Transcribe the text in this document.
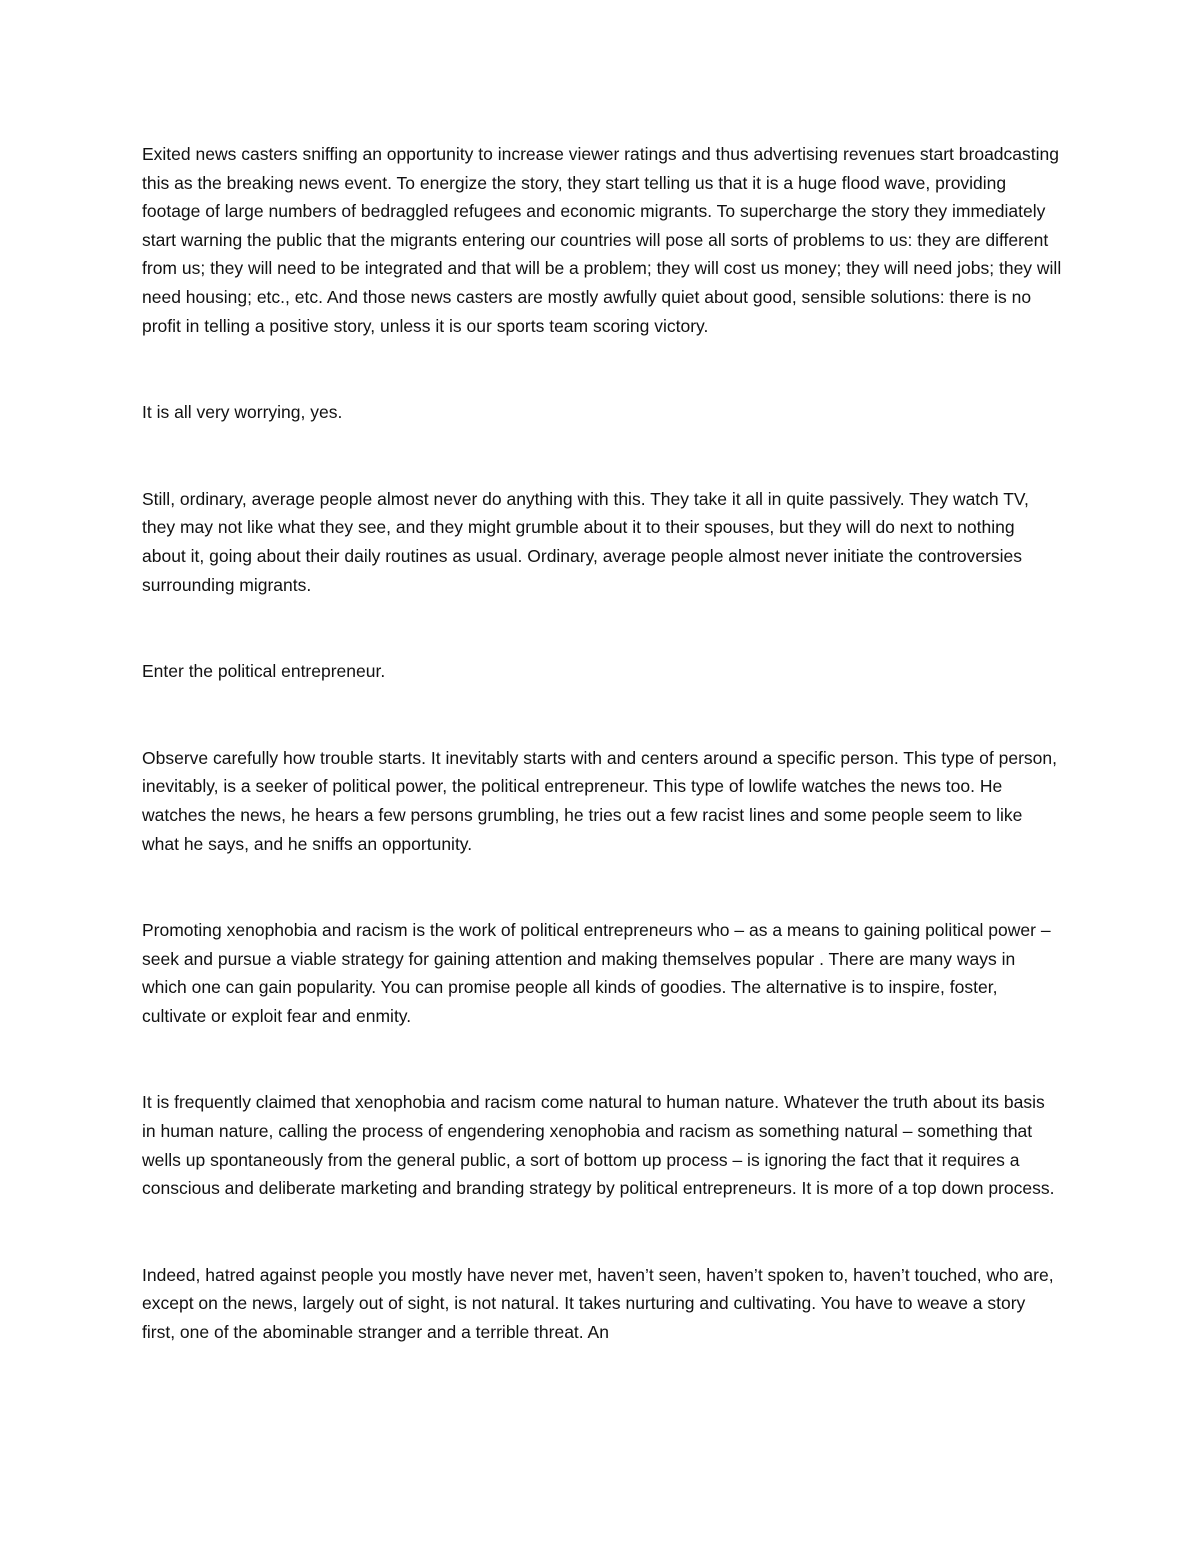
Exited news casters sniffing an opportunity to increase viewer ratings and thus advertising revenues start broadcasting this as the breaking news event. To energize the story, they start telling us that it is a huge flood wave, providing footage of large numbers of bedraggled refugees and economic migrants. To supercharge the story they immediately start warning the public that the migrants entering our countries will pose all sorts of problems to us: they are different from us; they will need to be integrated and that will be a problem; they will cost us money; they will need jobs; they will need housing; etc., etc. And those news casters are mostly awfully quiet about good, sensible solutions: there is no profit in telling a positive story, unless it is our sports team scoring victory.

It is all very worrying, yes.

Still, ordinary, average people almost never do anything with this. They take it all in quite passively. They watch TV, they may not like what they see, and they might grumble about it to their spouses, but they will do next to nothing about it, going about their daily routines as usual. Ordinary, average people almost never initiate the controversies surrounding migrants.

Enter the political entrepreneur.

Observe carefully how trouble starts. It inevitably starts with and centers around a specific person. This type of person, inevitably, is a seeker of political power, the political entrepreneur. This type of lowlife watches the news too. He watches the news, he hears a few persons grumbling, he tries out a few racist lines and some people seem to like what he says, and he sniffs an opportunity.

Promoting xenophobia and racism is the work of political entrepreneurs who – as a means to gaining political power – seek and pursue a viable strategy for gaining attention and making themselves popular . There are many ways in which one can gain popularity. You can promise people all kinds of goodies. The alternative is to inspire, foster, cultivate or exploit fear and enmity.

It is frequently claimed that xenophobia and racism come natural to human nature. Whatever the truth about its basis in human nature, calling the process of engendering xenophobia and racism as something natural – something that wells up spontaneously from the general public, a sort of bottom up process – is ignoring the fact that it requires a conscious and deliberate marketing and branding strategy by political entrepreneurs. It is more of a top down process.

Indeed, hatred against people you mostly have never met, haven’t seen, haven’t spoken to, haven’t touched, who are, except on the news, largely out of sight, is not natural. It takes nurturing and cultivating. You have to weave a story first, one of the abominable stranger and a terrible threat. An
